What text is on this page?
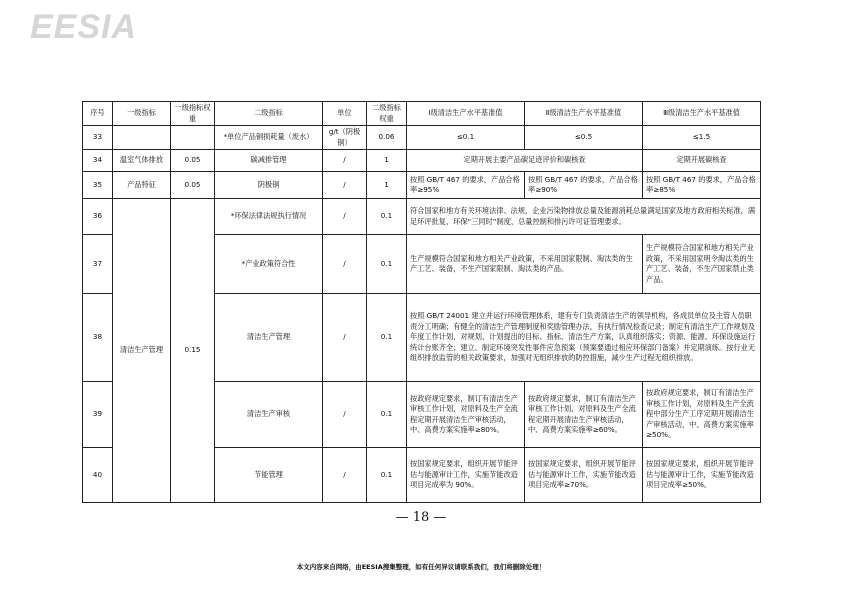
EESIA
序号	一级指标	一级指标权重	二级指标	单位	二级指标权重	Ⅰ级清洁生产水平基准值	Ⅱ级清洁生产水平基准值	Ⅲ级清洁生产水平基准值
33			*单位产品铜损耗量（废水）	g/t（阴极铜）	0.06	≤0.1	≤0.5	≤1.5
34	温室气体排放	0.05	碳减排管理	/	1	定期开展主要产品碳足迹评价和碳核查		定期开展碳核查
35	产品特征	0.05	阴极铜	/	1	按照 GB/T 467 的要求，产品合格率≥95%	按照 GB/T 467 的要求，产品合格率≥90%	按照 GB/T 467 的要求，产品合格率≥85%
36	清洁生产管理	0.15	*环保法律法规执行情况	/	0.1	符合国家和地方有关环境法律、法规，企业污染物排放总量及能源消耗总量满足国家及地方政府相关标准，满足环评批复、环保“三同时”制度、总量控制和排污许可证管理要求。		
37			*产业政策符合性	/	0.1	生产规模符合国家和地方相关产业政策，不采用国家限制、淘汰类的生产工艺、装备，不生产国家限制、淘汰类的产品。		生产规模符合国家和地方相关产业政策，不采用国家明令淘汰类的生产工艺、装备，不生产国家禁止类产品。
38			清洁生产管理	/	0.1	按照 GB/T 24001 建立并运行环境管理体系，建有专门负责清洁生产的领导机构，各成员单位及主管人员职责分工明确；有健全的清洁生产管理制度和奖励管理办法，有执行情况检查记录；制定有清洁生产工作规划及年度工作计划，对规划、计划提出的目标、指标、清洁生产方案，认真组织落实；资源、能源、环保设施运行统计台账齐全；建立、制定环境突发性事件应急预案（预案要通过相应环保部门备案）并定期演练。按行业无组织排放监管的相关政策要求，加强对无组织排放的防控措施，减少生产过程无组织排放。		
39			清洁生产审核	/	0.1	按政府规定要求，制订有清洁生产审核工作计划，对原料及生产全流程定期开展清洁生产审核活动，中、高费方案实施率≥80%。	按政府规定要求，制订有清洁生产审核工作计划，对原料及生产全流程定期开展清洁生产审核活动，中、高费方案实施率≥60%。	按政府规定要求，制订有清洁生产审核工作计划，对原料及生产全流程中部分生产工序定期开展清洁生产审核活动，中、高费方案实施率≥50%。
40			节能管理	/	0.1	按国家规定要求，组织开展节能评估与能源审计工作，实施节能改造项目完成率为 90%。	按国家规定要求，组织开展节能评估与能源审计工作，实施节能改造项目完成率≥70%。	按国家规定要求，组织开展节能评估与能源审计工作，实施节能改造项目完成率≥50%。
— 18 —
本文内容来自网络，由EESIA搜集整理，如有任何异议请联系我们，我们将删除处理！
